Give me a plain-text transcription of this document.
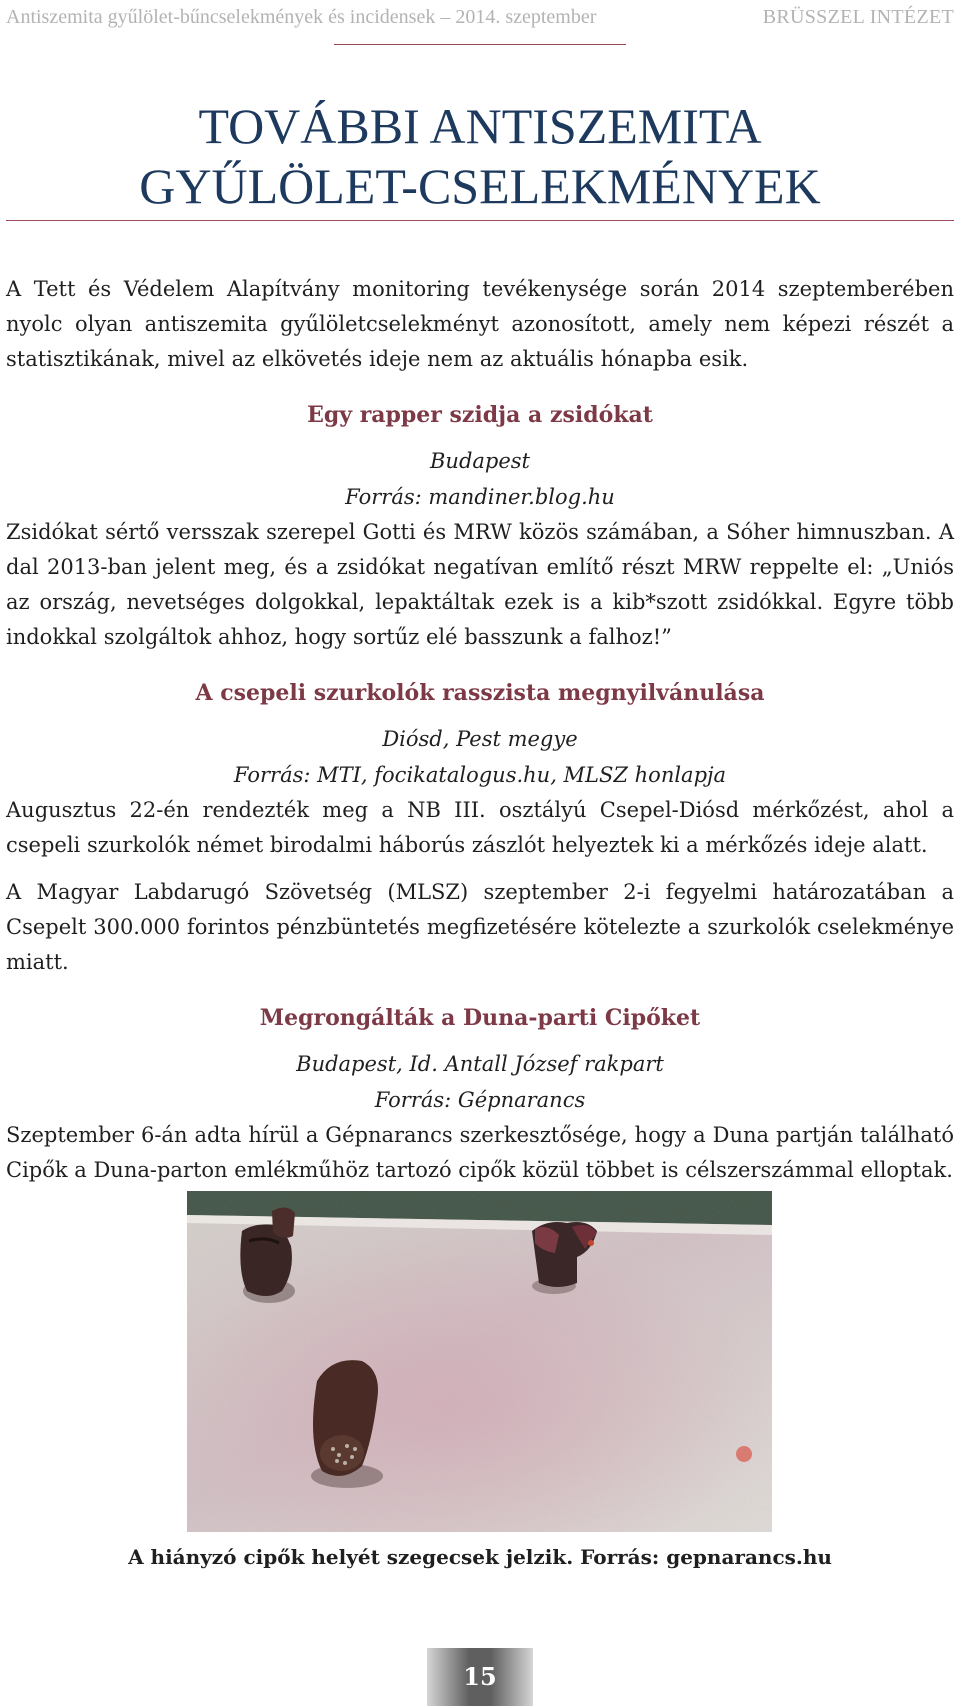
Antiszemita gyűlölet-bűncselekmények és incidensek – 2014. szeptember	BRÜSSZEL INTÉZET
TOVÁBBI ANTISZEMITA
GYŰLÖLET-CSELEKMÉNYEK

A Tett és Védelem Alapítvány monitoring tevékenysége során 2014 szeptemberében nyolc olyan antiszemita gyűlöletcselekményt azonosított, amely nem képezi részét a statisztikának, mivel az elkövetés ideje nem az aktuális hónapba esik.

Egy rapper szidja a zsidókat

Budapest

Forrás: mandiner.blog.hu

Zsidókat sértő versszak szerepel Gotti és MRW közös számában, a Sóher himnuszban. A dal 2013-ban jelent meg, és a zsidókat negatívan említő részt MRW reppelte el: „Uniós az ország, nevetséges dolgokkal, lepaktáltak ezek is a kib*szott zsidókkal. Egyre több indokkal szolgáltok ahhoz, hogy sortűz elé basszunk a falhoz!”

A csepeli szurkolók rasszista megnyilvánulása

Diósd, Pest megye

Forrás: MTI, focikatalogus.hu, MLSZ honlapja

Augusztus 22-én rendezték meg a NB III. osztályú Csepel-Diósd mérkőzést, ahol a csepeli szurkolók német birodalmi háborús zászlót helyeztek ki a mérkőzés ideje alatt.

A Magyar Labdarugó Szövetség (MLSZ) szeptember 2-i fegyelmi határozatában a Csepelt 300.000 forintos pénzbüntetés megfizetésére kötelezte a szurkolók cselekménye miatt.

Megrongálták a Duna-parti Cipőket

Budapest, Id. Antall József rakpart

Forrás: Gépnarancs

Szeptember 6-án adta hírül a Gépnarancs szerkesztősége, hogy a Duna partján található Cipők a Duna-parton emlékműhöz tartozó cipők közül többet is célszerszámmal elloptak.

A hiányzó cipők helyét szegecsek jelzik. Forrás: gepnarancs.hu
15
